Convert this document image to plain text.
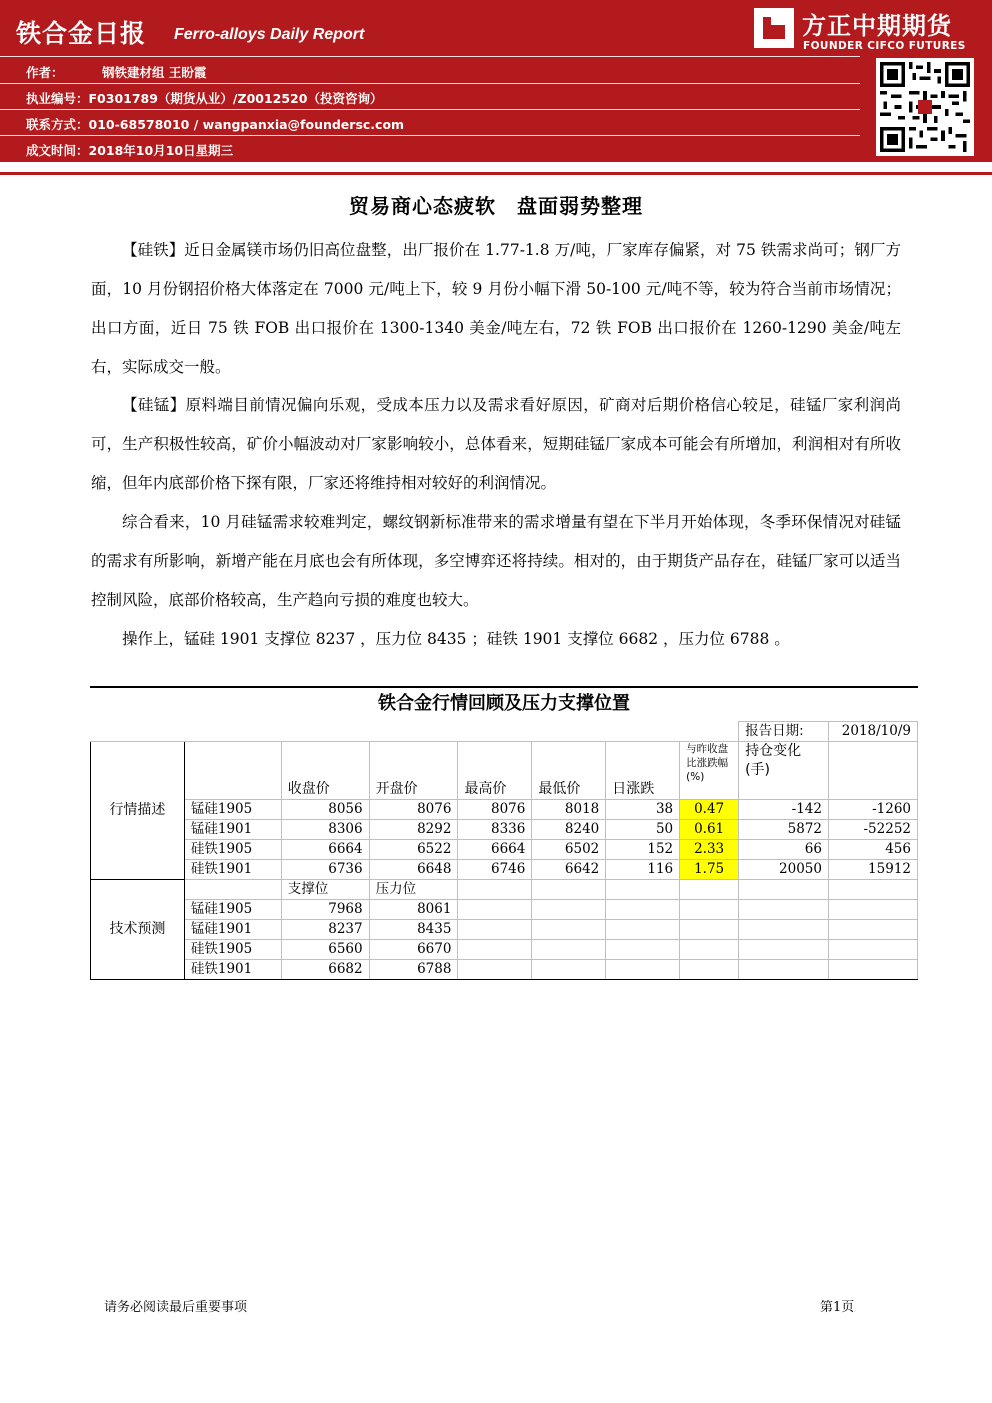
铁合金日报 Ferro-alloys Daily Report
作者：	钢铁建材组 王盼霞
执业编号：F0301789（期货从业）/Z0012520（投资咨询）
联系方式：010-68578010 / wangpanxia@foundersc.com
成文时间：2018年10月10日星期三
方正中期期货
FOUNDER CIFCO FUTURES
贸易商心态疲软　盘面弱势整理

【硅铁】近日金属镁市场仍旧高位盘整，出厂报价在 1.77-1.8 万/吨，厂家库存偏紧，对 75 铁需求尚可；钢厂方面，10 月份钢招价格大体落定在 7000 元/吨上下，较 9 月份小幅下滑 50-100 元/吨不等，较为符合当前市场情况；出口方面，近日 75 铁 FOB 出口报价在 1300-1340 美金/吨左右，72 铁 FOB 出口报价在 1260-1290 美金/吨左右，实际成交一般。

【硅锰】原料端目前情况偏向乐观，受成本压力以及需求看好原因，矿商对后期价格信心较足，硅锰厂家利润尚可，生产积极性较高，矿价小幅波动对厂家影响较小，总体看来，短期硅锰厂家成本可能会有所增加，利润相对有所收缩，但年内底部价格下探有限，厂家还将维持相对较好的利润情况。

综合看来，10 月硅锰需求较难判定，螺纹钢新标准带来的需求增量有望在下半月开始体现，冬季环保情况对硅锰的需求有所影响，新增产能在月底也会有所体现，多空博弈还将持续。相对的，由于期货产品存在，硅锰厂家可以适当控制风险，底部价格较高，生产趋向亏损的难度也较大。

操作上，锰硅 1901 支撑位 8237 ，压力位 8435 ；硅铁 1901 支撑位 6682 ，压力位 6788 。

铁合金行情回顾及压力支撑位置
								报告日期:	2018/10/9
行情描述		收盘价	开盘价	最高价	最低价	日涨跌	与昨收盘比涨跌幅(%)	持仓变化(手)	
	锰硅1905	8056	8076	8076	8018	38	0.47	-142	-1260
	锰硅1901	8306	8292	8336	8240	50	0.61	5872	-52252
	硅铁1905	6664	6522	6664	6502	152	2.33	66	456
	硅铁1901	6736	6648	6746	6642	116	1.75	20050	15912
技术预测		支撑位	压力位						
	锰硅1905	7968	8061						
	锰硅1901	8237	8435						
	硅铁1905	6560	6670						
	硅铁1901	6682	6788						
请务必阅读最后重要事项	第1页
